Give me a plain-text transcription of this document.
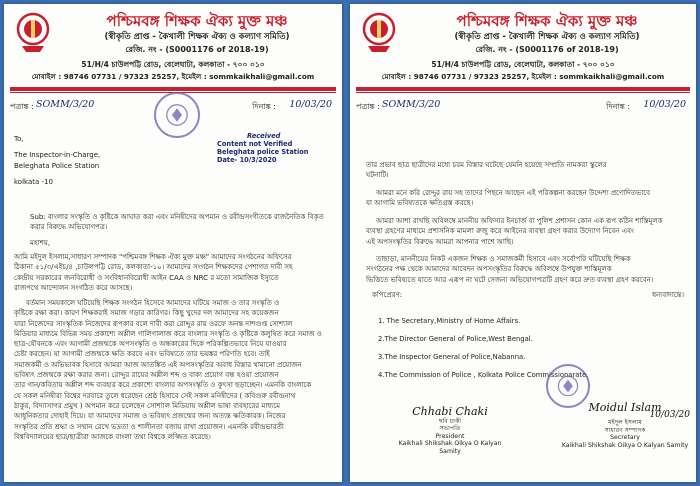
পশ্চিমবঙ্গ শিক্ষক ঐক্য মুক্ত মঞ্চ
(স্বীকৃতি প্রাপ্ত - কৈখালী শিক্ষক ঐক্য ও কল্যাণ সমিতি)
রেজি. নং - (S0001176 of 2018-19)
51/H/4 চাউলপট্টি রোড, বেলেঘাটা, কলকাতা - ৭০০ ০১০
মোবাইল : 98746 07731 / 97323 25257, ইমেইল : sommkaikhali@gmail.com
পত্রাঙ্ক : SOMM/3/20	দিনাঙ্ক : 10/03/20
Received
Content not Verified
Beleghata police Station
Date- 10/3/2020
To,
The Inspector-in-Charge,
Beleghata Police Station
kolkata -10
Sub: বাংলার সংস্কৃতি ও কৃষ্টিকে আঘাত করা এবং মনিষীদের অপমান ও রবীন্দ্রসংগীতকে রাজনৈতিক বিকৃত করার বিরুদ্ধে অভিযোগপত্র।
মহাশয়,
আমি মইদুল ইসলাম,সাধারণ সম্পাদক "পশ্চিমবঙ্গ শিক্ষক ঐক্য মুক্ত মঞ্চ" আমাদের সংগঠনের অফিসের
ঠিকানা ৫১/৩/এইচ/৪ ,চাউলপট্টি রোড, কলকাতা-১০। আমাদের সংগঠন শিক্ষকদের পেশাগত দাবী সহ
কেন্দ্রীয় সরকারের জনবিরোধী ও সংবিধানবিরোধী আইন CAA ও NRC র মতো সামাজিক ইস্যুতে
রাজপথে আন্দোলন সংগঠিত করে আসছে।
বর্তমান সময়কালে ঘটিয়েছি শিক্ষক সংগঠন হিসেবে আমাদের ঘটিয়ে সমাজ ও তার সংস্কৃতি ও
কৃষ্টিকে রক্ষা করা। কারণ শিক্ষকরাই সমাজ গড়ার কারিগর। কিছু খুদের দল আমাদের সহ কয়েকজন
যারা নিজেদের সাংস্কৃতিক নিজেদের রূপকার বলে দাবী করা রোদ্দুর রায় ওরফে অনন্ত দাশগুপ্ত সোশ্যাল
মিডিয়ার মাধ্যমে বিভিন্ন সময় প্রকাশ্যে অশ্লীল গালিগালাজ করে বাংলার সংস্কৃতি ও কৃষ্টিকে কলুষিত করে সমাজ ও
ছাত্র-যৌবনকে এবং আগামী প্রজন্মকে অপসংস্কৃতি ও অন্ধকারের দিকে পরিকল্পিতভাবে নিয়ে যাওয়ার
চেষ্টা করছেন। যা আগামী প্রজন্মকে ক্ষতি করবে এবং ভবিষ্যতে তার ভয়ঙ্কর পরিণতি হবে। তাই
সমাজকর্মী ও অভিভাবক হিসাবে আমরা আজ আতঙ্কিত এই অপসংস্কৃতির অবাধ বিস্তার থামানো প্রয়োজন
ভবিষ্যৎ প্রজন্মকে রক্ষা করার জন্য। রোদ্দুর রায়ের অশ্লীল শব্দ ও বাক্য প্রয়োগ বন্ধ হওয়া প্রয়োজন
তার গান/কবিতায় অশ্লীল শব্দ ব্যবহার করে প্রকাশ্যে বাংলার অপসংস্কৃতি ও কুৎসা ছড়াচ্ছেন। এমনকি বাংলাকে
যে সকল মনিষীরা বিশ্বের দরবারে তুলে ধরেছেন শ্রেষ্ঠ হিসাবে সেই সকল মনিষীদের ( কবিগুরু রবীন্দ্রনাথ
ঠাকুর, বিদ্যাসাগর প্রমুখ ) অপমান করে চলেছেন সোশ্যাল মিডিয়ায় অশ্লীল ভাষা ব্যবহারের মাধ্যমে
আধুনিকতার দোহাই দিয়ে। যা আমাদের সমাজ ও ভবিষ্যৎ প্রজন্মের জন্য অত্যন্ত ক্ষতিকারক। নিজের
সংস্কৃতির প্রতি শ্রদ্ধা ও সম্মান রেখে ভদ্রতা ও শালীনতা বজায় রাখা প্রয়োজন। এমনকি রবীন্দ্রভারতী
বিশ্ববিদ্যালয়ের ছাত্র/ছাত্রীরা আজকে বাংলা তথা বিশ্বকে লজ্জিত করেছে।
পশ্চিমবঙ্গ শিক্ষক ঐক্য মুক্ত মঞ্চ
(স্বীকৃতি প্রাপ্ত - কৈখালী শিক্ষক ঐক্য ও কল্যাণ সমিতি)
রেজি. নং - (S0001176 of 2018-19)
51/H/4 চাউলপট্টি রোড, বেলেঘাটা, কলকাতা - ৭০০ ০১০
মোবাইল : 98746 07731 / 97323 25257, ইমেইল : sommkaikhali@gmail.com
পত্রাঙ্ক : SOMM/3/20	দিনাঙ্ক : 10/03/20
তার প্রভাব ছাত্র ছাত্রীদের মধ্যে চরম বিস্তার ঘটেছে যেমনি হয়েছে সম্প্রতি নামকরা স্কুলের
ঘটনাটি।
আমরা মনে করি রোদ্দুর রায় সহ তাদের পিছনে আছেন এই পরিকল্পনা করছেন উদ্দেশ্য প্রণোদিতভাবে
যা আগামি ভবিষ্যতকে ক্ষতিগ্রস্ত করছে।
আমরা আশা রাখছি অবিলম্বে মাননীয় অফিসার ইনচার্জ বা পুলিশ প্রশাসন কোন এক রূপ কঠিন শাস্তিমূলক
ব্যবস্থা গ্রহণের মাধ্যমে প্রশাসনিক মামলা রুজু করে আইনের ব্যবস্থা গ্রহণ করার উদ্যোগ নিবেন এবং
এই অপসংস্কৃতির বিরুদ্ধে আমরা আপনার পাশে আছি।
তাছাড়া, মাননীয়ের নিকট একজন শিক্ষক ও সমাজকর্মী হিসাবে এবং সর্বোপরি ঘটিয়েছি শিক্ষক
সংগঠনের পক্ষ থেকে আমাদের আবেদন অপসংস্কৃতির বিরুদ্ধে অবিলম্বে উপযুক্ত শাস্তিমূলক
ভিত্তিতে ভবিষ্যতে যাতে আর এরূপ না ঘটে সেজন্য অভিযোগপত্রটি গ্রহণ করে দ্রুত ব্যবস্থা গ্রহণ করবেন।
কপিপ্রেরণ:	ধন্যবাদান্তে।
1. The Secretary,Ministry of Home Affairs.
2.The Director General of Police,West Bengal.
3.The Inspector General of Police,Nabanna.
4.The Commission of Police , Kolkata Police Commissionarate.
Chhabi Chaki
ছবি চাকী
সভাপতি
President
Kaikhali Shikshak Oikya O Kalyan Samity
Moidul Islam
10/03/20
মইদুল ইসলাম
সাধারণ সম্পাদক
Secretary
Kaikhali Shikshak Oikya O Kalyan Samity
